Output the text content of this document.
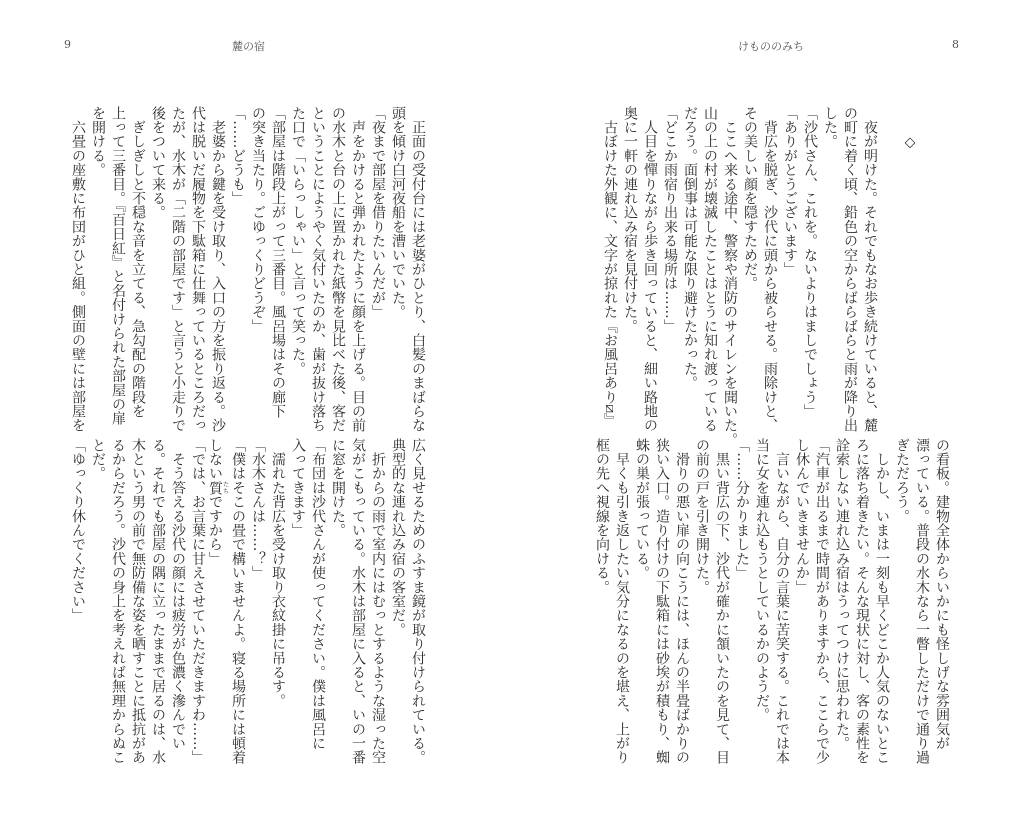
9	麓の宿
　正面の受付台には老婆がひとり、白髪のまばらな
頭を傾け白河夜船を漕いでいた。
「夜まで部屋を借りたいんだが」
　声をかけると弾かれたように顔を上げる。目の前
の水木と台の上に置かれた紙幣を見比べた後、客だ
ということにようやく気付いたのか、歯が抜け落ち
た口で「いらっしゃい」と言って笑った。
「部屋は階段上がって三番目。風呂場はその廊下
の突き当たり。ごゆっくりどうぞ」
「……どうも」
　老婆から鍵を受け取り、入口の方を振り返る。沙
代は脱いだ履物を下駄箱に仕舞っているところだっ
たが、水木が「二階の部屋です」と言うと小走りで
後をついて来る。
　ぎしぎしと不穏な音を立てる、急勾配の階段を
上って三番目。『百日紅』と名付けられた部屋の扉
を開ける。
　六畳の座敷に布団がひと組。側面の壁には部屋を
広く見せるためのふすま鏡が取り付けられている。
典型的な連れ込み宿の客室だ。
　折からの雨で室内にはむっとするような湿った空
気がこもっている。水木は部屋に入ると、いの一番
に窓を開けた。
「布団は沙代さんが使ってください。僕は風呂に
入ってきます」
　濡れた背広を受け取り衣紋掛に吊るす。
「水木さんは……？」
「僕はそこの畳で構いませんよ。寝る場所には頓着
しない質たちですから」
「では、お言葉に甘えさせていただきますわ……」
　そう答える沙代の顔には疲労が色濃く滲んでい
る。それでも部屋の隅に立ったままで居るのは、水
木という男の前で無防備な姿を晒すことに抵抗があ
るからだろう。沙代の身上を考えれば無理からぬこ
とだ。
「ゆっくり休んでください」
けもののみち	8
　　◇

　夜が明けた。それでもなお歩き続けていると、麓
の町に着く頃、鉛色の空からばらばらと雨が降り出
した。
「沙代さん、これを。ないよりはましでしょう」
「ありがとうございます」
　背広を脱ぎ、沙代に頭から被らせる。雨除けと、
その美しい顔を隠すためだ。
　ここへ来る途中、警察や消防のサイレンを聞いた。
山の上の村が壊滅したことはとうに知れ渡っている
だろう。面倒事は可能な限り避けたかった。
「どこか雨宿り出来る場所は……」
　人目を憚りながら歩き回っていると、細い路地の
奥に一軒の連れ込み宿を見付けた。
　古ぼけた外観に、文字が掠れた『お風呂あり⧄』
の看板。建物全体からいかにも怪しげな雰囲気が
漂っている。普段の水木なら一瞥しただけで通り過
ぎただろう。
　しかし、いまは一刻も早くどこか人気のないとこ
ろに落ち着きたい。そんな現状に対し、客の素性を
詮索しない連れ込み宿はうってつけに思われた。
「汽車が出るまで時間がありますから、ここらで少
し休んでいきませんか」
　言いながら、自分の言葉に苦笑する。これでは本
当に女を連れ込もうとしているかのようだ。
「……分かりました」
　黒い背広の下、沙代が確かに頷いたのを見て、目
の前の戸を引き開けた。
　滑りの悪い扉の向こうには、ほんの半畳ばかりの
狭い入口。造り付けの下駄箱には砂埃が積もり、蜘
蛛の巣が張っている。
　早くも引き返したい気分になるのを堪え、上がり
框の先へ視線を向ける。
